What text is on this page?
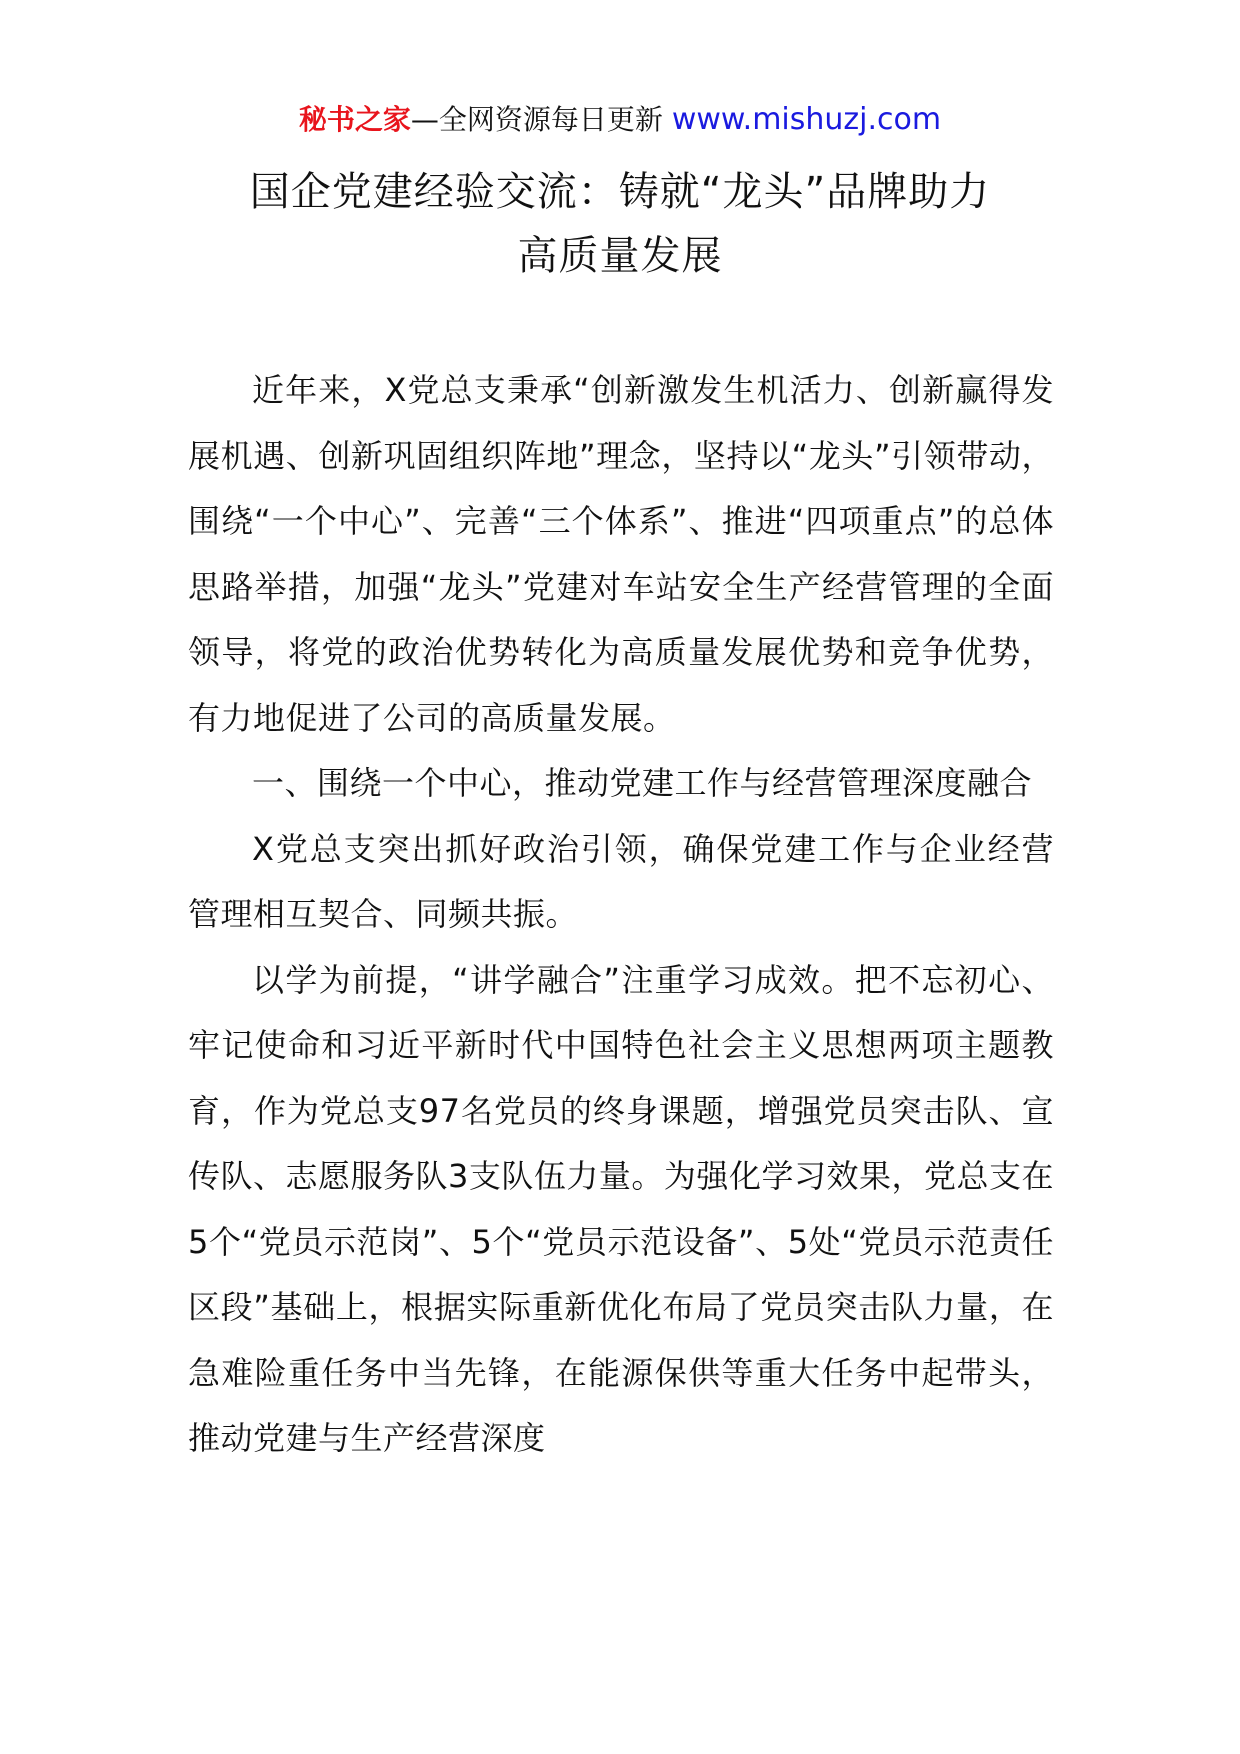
秘书之家—全网资源每日更新 www.mishuzj.com
国企党建经验交流：铸就“龙头”品牌助力
高质量发展

近年来，X党总支秉承“创新激发生机活力、创新赢得发展机遇、创新巩固组织阵地”理念，坚持以“龙头”引领带动，围绕“一个中心”、完善“三个体系”、推进“四项重点”的总体思路举措，加强“龙头”党建对车站安全生产经营管理的全面领导，将党的政治优势转化为高质量发展优势和竞争优势，有力地促进了公司的高质量发展。

一、围绕一个中心，推动党建工作与经营管理深度融合

X党总支突出抓好政治引领，确保党建工作与企业经营管理相互契合、同频共振。

以学为前提，“讲学融合”注重学习成效。把不忘初心、牢记使命和习近平新时代中国特色社会主义思想两项主题教育，作为党总支97名党员的终身课题，增强党员突击队、宣传队、志愿服务队3支队伍力量。为强化学习效果，党总支在5个“党员示范岗”、5个“党员示范设备”、5处“党员示范责任区段”基础上，根据实际重新优化布局了党员突击队力量，在急难险重任务中当先锋，在能源保供等重大任务中起带头，推动党建与生产经营深度
